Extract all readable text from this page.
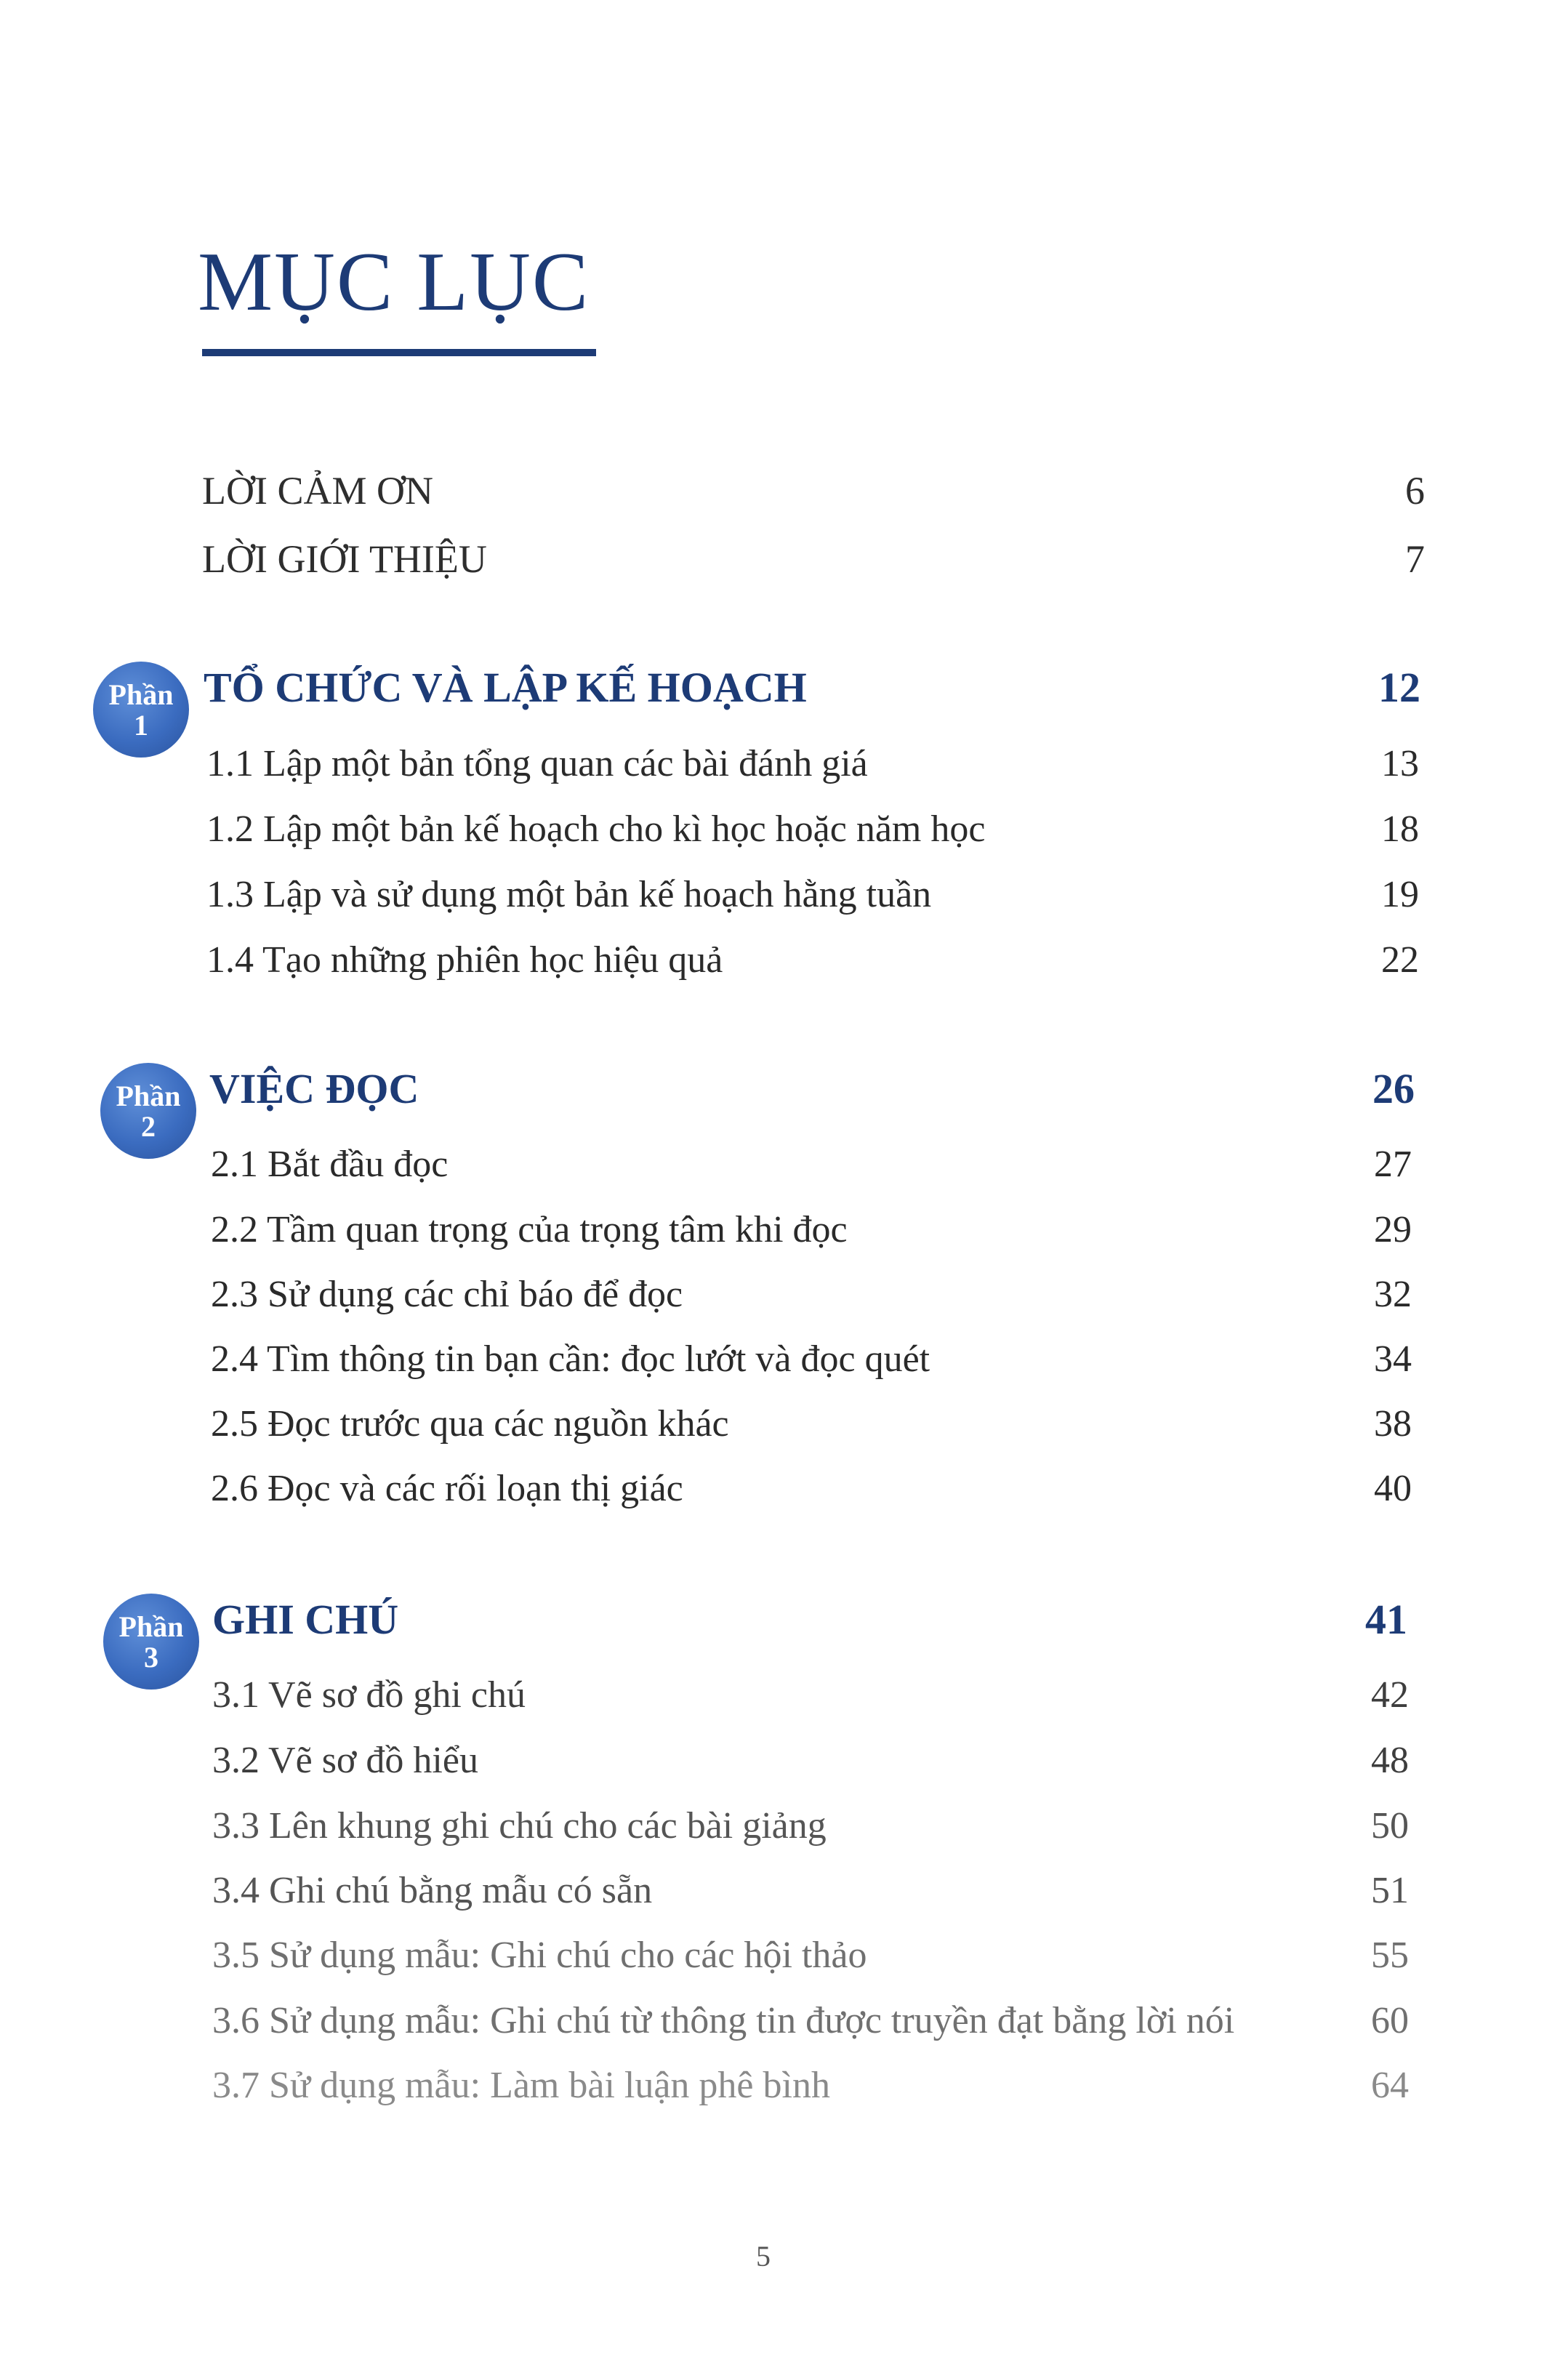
MỤC LỤC
LỜI CẢM ƠN	6
LỜI GIỚI THIỆU	7
Phần
1
TỔ CHỨC VÀ LẬP KẾ HOẠCH	12
1.1 Lập một bản tổng quan các bài đánh giá	13
1.2 Lập một bản kế hoạch cho kì học hoặc năm học	18
1.3 Lập và sử dụng một bản kế hoạch hằng tuần	19
1.4 Tạo những phiên học hiệu quả	22
Phần
2
VIỆC ĐỌC	26
2.1 Bắt đầu đọc	27
2.2 Tầm quan trọng của trọng tâm khi đọc	29
2.3 Sử dụng các chỉ báo để đọc	32
2.4 Tìm thông tin bạn cần: đọc lướt và đọc quét	34
2.5 Đọc trước qua các nguồn khác	38
2.6 Đọc và các rối loạn thị giác	40
Phần
3
GHI CHÚ	41
3.1 Vẽ sơ đồ ghi chú	42
3.2 Vẽ sơ đồ hiểu	48
3.3 Lên khung ghi chú cho các bài giảng	50
3.4 Ghi chú bằng mẫu có sẵn	51
3.5 Sử dụng mẫu: Ghi chú cho các hội thảo	55
3.6 Sử dụng mẫu: Ghi chú từ thông tin được truyền đạt bằng lời nói	60
3.7 Sử dụng mẫu: Làm bài luận phê bình	64
5
